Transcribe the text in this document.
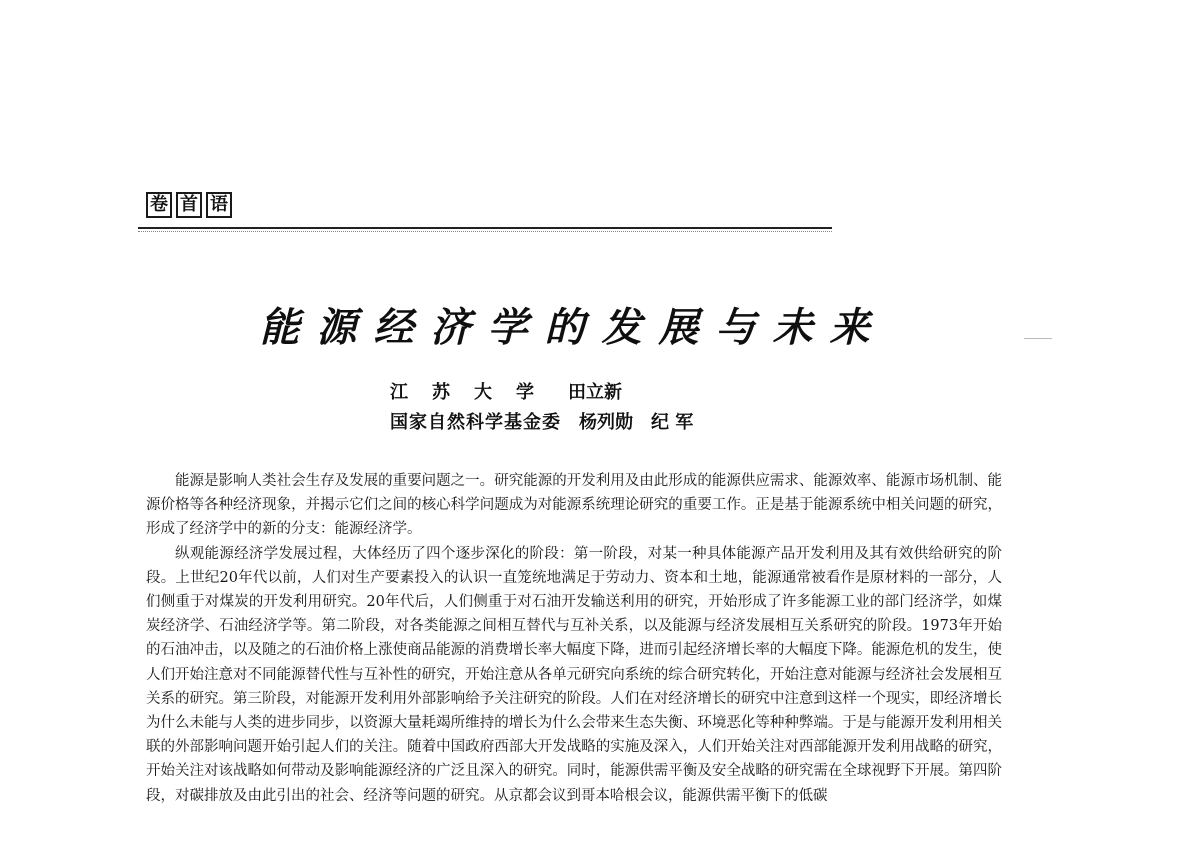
卷 首 语
能源经济学的发展与未来
江苏大学 田立新
国家自然科学基金委 杨列勋 纪 军

能源是影响人类社会生存及发展的重要问题之一。研究能源的开发利用及由此形成的能源供应需求、能源效率、能源市场机制、能源价格等各种经济现象，并揭示它们之间的核心科学问题成为对能源系统理论研究的重要工作。正是基于能源系统中相关问题的研究，形成了经济学中的新的分支：能源经济学。

纵观能源经济学发展过程，大体经历了四个逐步深化的阶段：第一阶段，对某一种具体能源产品开发利用及其有效供给研究的阶段。上世纪20年代以前，人们对生产要素投入的认识一直笼统地满足于劳动力、资本和土地，能源通常被看作是原材料的一部分，人们侧重于对煤炭的开发利用研究。20年代后，人们侧重于对石油开发输送利用的研究，开始形成了许多能源工业的部门经济学，如煤炭经济学、石油经济学等。第二阶段，对各类能源之间相互替代与互补关系，以及能源与经济发展相互关系研究的阶段。1973年开始的石油冲击，以及随之的石油价格上涨使商品能源的消费增长率大幅度下降，进而引起经济增长率的大幅度下降。能源危机的发生，使人们开始注意对不同能源替代性与互补性的研究，开始注意从各单元研究向系统的综合研究转化，开始注意对能源与经济社会发展相互关系的研究。第三阶段，对能源开发利用外部影响给予关注研究的阶段。人们在对经济增长的研究中注意到这样一个现实，即经济增长为什么未能与人类的进步同步，以资源大量耗竭所维持的增长为什么会带来生态失衡、环境恶化等种种弊端。于是与能源开发利用相关联的外部影响问题开始引起人们的关注。随着中国政府西部大开发战略的实施及深入，人们开始关注对西部能源开发利用战略的研究，开始关注对该战略如何带动及影响能源经济的广泛且深入的研究。同时，能源供需平衡及安全战略的研究需在全球视野下开展。第四阶段，对碳排放及由此引出的社会、经济等问题的研究。从京都会议到哥本哈根会议，能源供需平衡下的低碳
